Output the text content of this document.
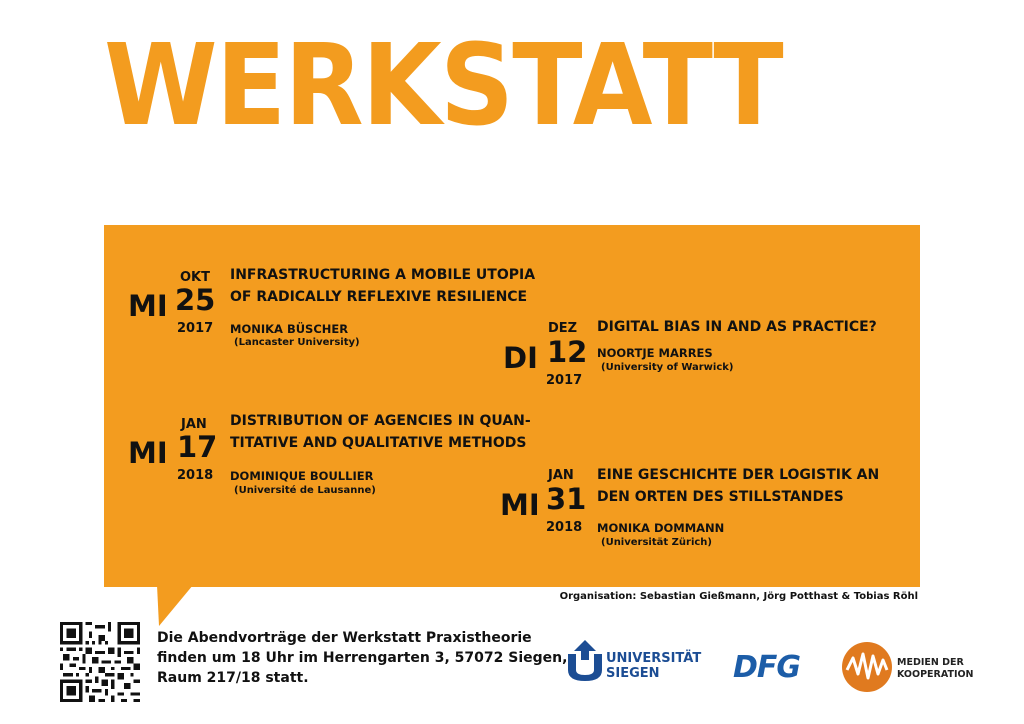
WERKSTATT
PRAXISTHEORIE
MI
OKT
25
2017
INFRASTRUCTURING A MOBILE UTOPIA
OF RADICALLY REFLEXIVE RESILIENCE
MONIKA BÜSCHER
(Lancaster University)	DI
DEZ
12
2017
DIGITAL BIAS IN AND AS PRACTICE?
NOORTJE MARRES
(University of Warwick)
MI
JAN
17
2018
DISTRIBUTION OF AGENCIES IN QUAN-
TITATIVE AND QUALITATIVE METHODS
DOMINIQUE BOULLIER
(Université de Lausanne)	MI
JAN
31
2018
EINE GESCHICHTE DER LOGISTIK AN
DEN ORTEN DES STILLSTANDES
MONIKA DOMMANN
(Universität Zürich)
Organisation: Sebastian Gießmann, Jörg Potthast & Tobias Röhl
Die Abendvorträge der Werkstatt Praxistheorie
finden um 18 Uhr im Herrengarten 3, 57072 Siegen,
Raum 217/18 statt.
UNIVERSITÄT
SIEGEN	DFG	MEDIEN DER
KOOPERATION
